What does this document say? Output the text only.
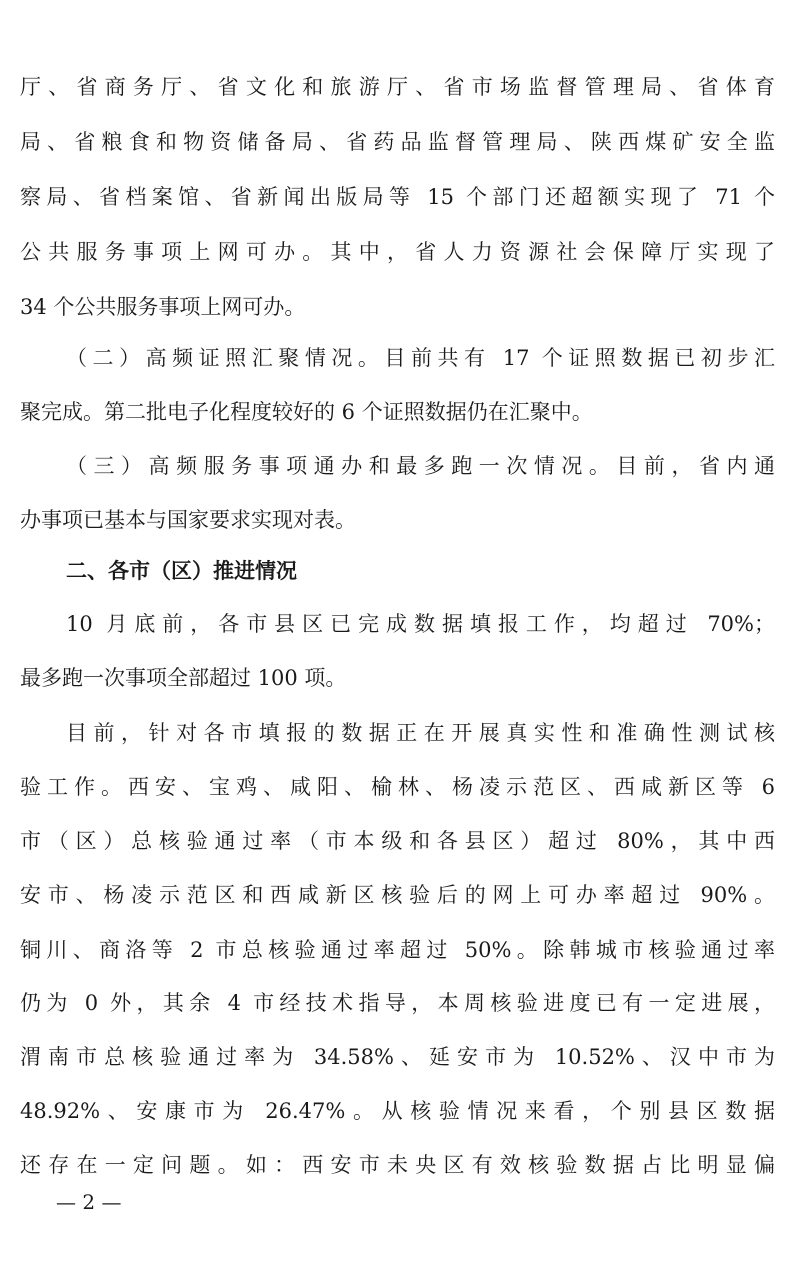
厅、省商务厅、省文化和旅游厅、省市场监督管理局、省体育
局、省粮食和物资储备局、省药品监督管理局、陕西煤矿安全监
察局、省档案馆、省新闻出版局等 15 个部门还超额实现了 71 个
公共服务事项上网可办。其中，省人力资源社会保障厅实现了
34 个公共服务事项上网可办。
（二）高频证照汇聚情况。目前共有 17 个证照数据已初步汇
聚完成。第二批电子化程度较好的 6 个证照数据仍在汇聚中。
（三）高频服务事项通办和最多跑一次情况。目前，省内通
办事项已基本与国家要求实现对表。
二、各市（区）推进情况
10 月底前，各市县区已完成数据填报工作，均超过 70%；
最多跑一次事项全部超过 100 项。
目前，针对各市填报的数据正在开展真实性和准确性测试核
验工作。西安、宝鸡、咸阳、榆林、杨凌示范区、西咸新区等 6
市（区）总核验通过率（市本级和各县区）超过 80%，其中西
安市、杨凌示范区和西咸新区核验后的网上可办率超过 90%。
铜川、商洛等 2 市总核验通过率超过 50%。除韩城市核验通过率
仍为 0 外，其余 4 市经技术指导，本周核验进度已有一定进展，
渭南市总核验通过率为 34.58%、延安市为 10.52%、汉中市为
48.92%、安康市为 26.47%。从核验情况来看，个别县区数据
还存在一定问题。如：西安市未央区有效核验数据占比明显偏
— 2 —
